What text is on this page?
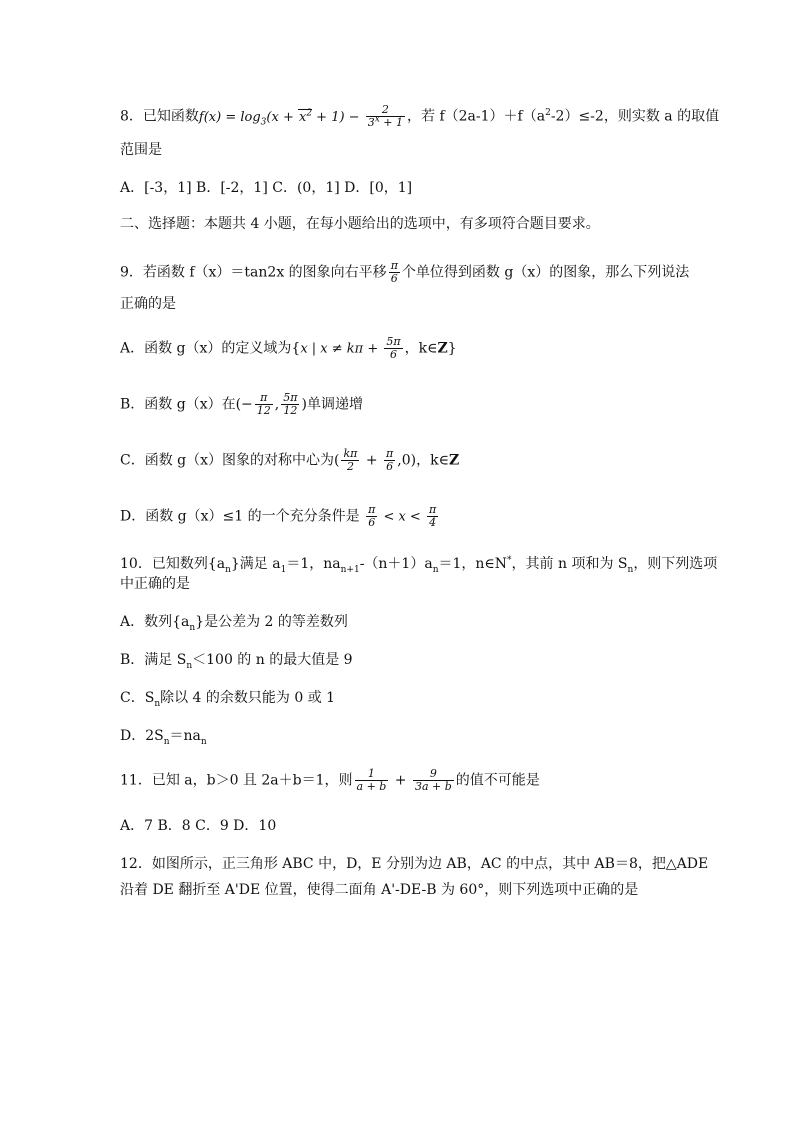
8．已知函数$f(x) = \log_3(x + x^2 + 1) - \frac{2}{3^x + 1}$ ，若 $f(2a-1)+f(a^2-2)\le-2$，则实数 a 的取值
范围是
A．[-3，1] B．[-2，1] C．(0，1] D．[0，1]
二、选择题：本题共 4 小题，在每小题给出的选项中，有多项符合题目要求。
9．若函数 f（x）＝tan2x 的图象向右平移 $\frac{\pi}{6}$ 个单位得到函数 g（x）的图象，那么下列说法
正确的是
A．函数 g（x）的定义域为{x | $x \ne k\pi + \frac{5\pi}{6}$ ，k∈Z}
B．函数 g（x）在(− $\frac{\pi}{12}$ , $\frac{5\pi}{12}$ )单调递增
C．函数 g（x）图象的对称中心为( $\frac{k\pi}{2} + \frac{\pi}{6} ,0$)，k∈Z
D．函数 g（x）≤1 的一个充分条件是 $\frac{\pi}{6} < x < \frac{\pi}{4}$
10．已知数列$\{a_n\}$满足 $a_1=1$，$na_{n+1}-(n+1)a_n=1$，n∈N*，其前 n 项和为 $S_n$，则下列选项
中正确的是
A．数列$\{a_n\}$是公差为 2 的等差数列
B．满足 $S_n<100$ 的 n 的最大值是 9
C．$S_n$除以 4 的余数只能为 0 或 1
D．$2S_n=na_n$
11．已知 a，b＞0 且 2a＋b＝1，则 $\frac{1}{a + b} + \frac{9}{3a + b}$ 的值不可能是
A．7 B．8 C．9 D．10
12．如图所示，正三角形 ABC 中，D，E 分别为边 AB，AC 的中点，其中 AB＝8，把△ADE
沿着 DE 翻折至 A'DE 位置，使得二面角 A'-DE-B 为 60°，则下列选项中正确的是
